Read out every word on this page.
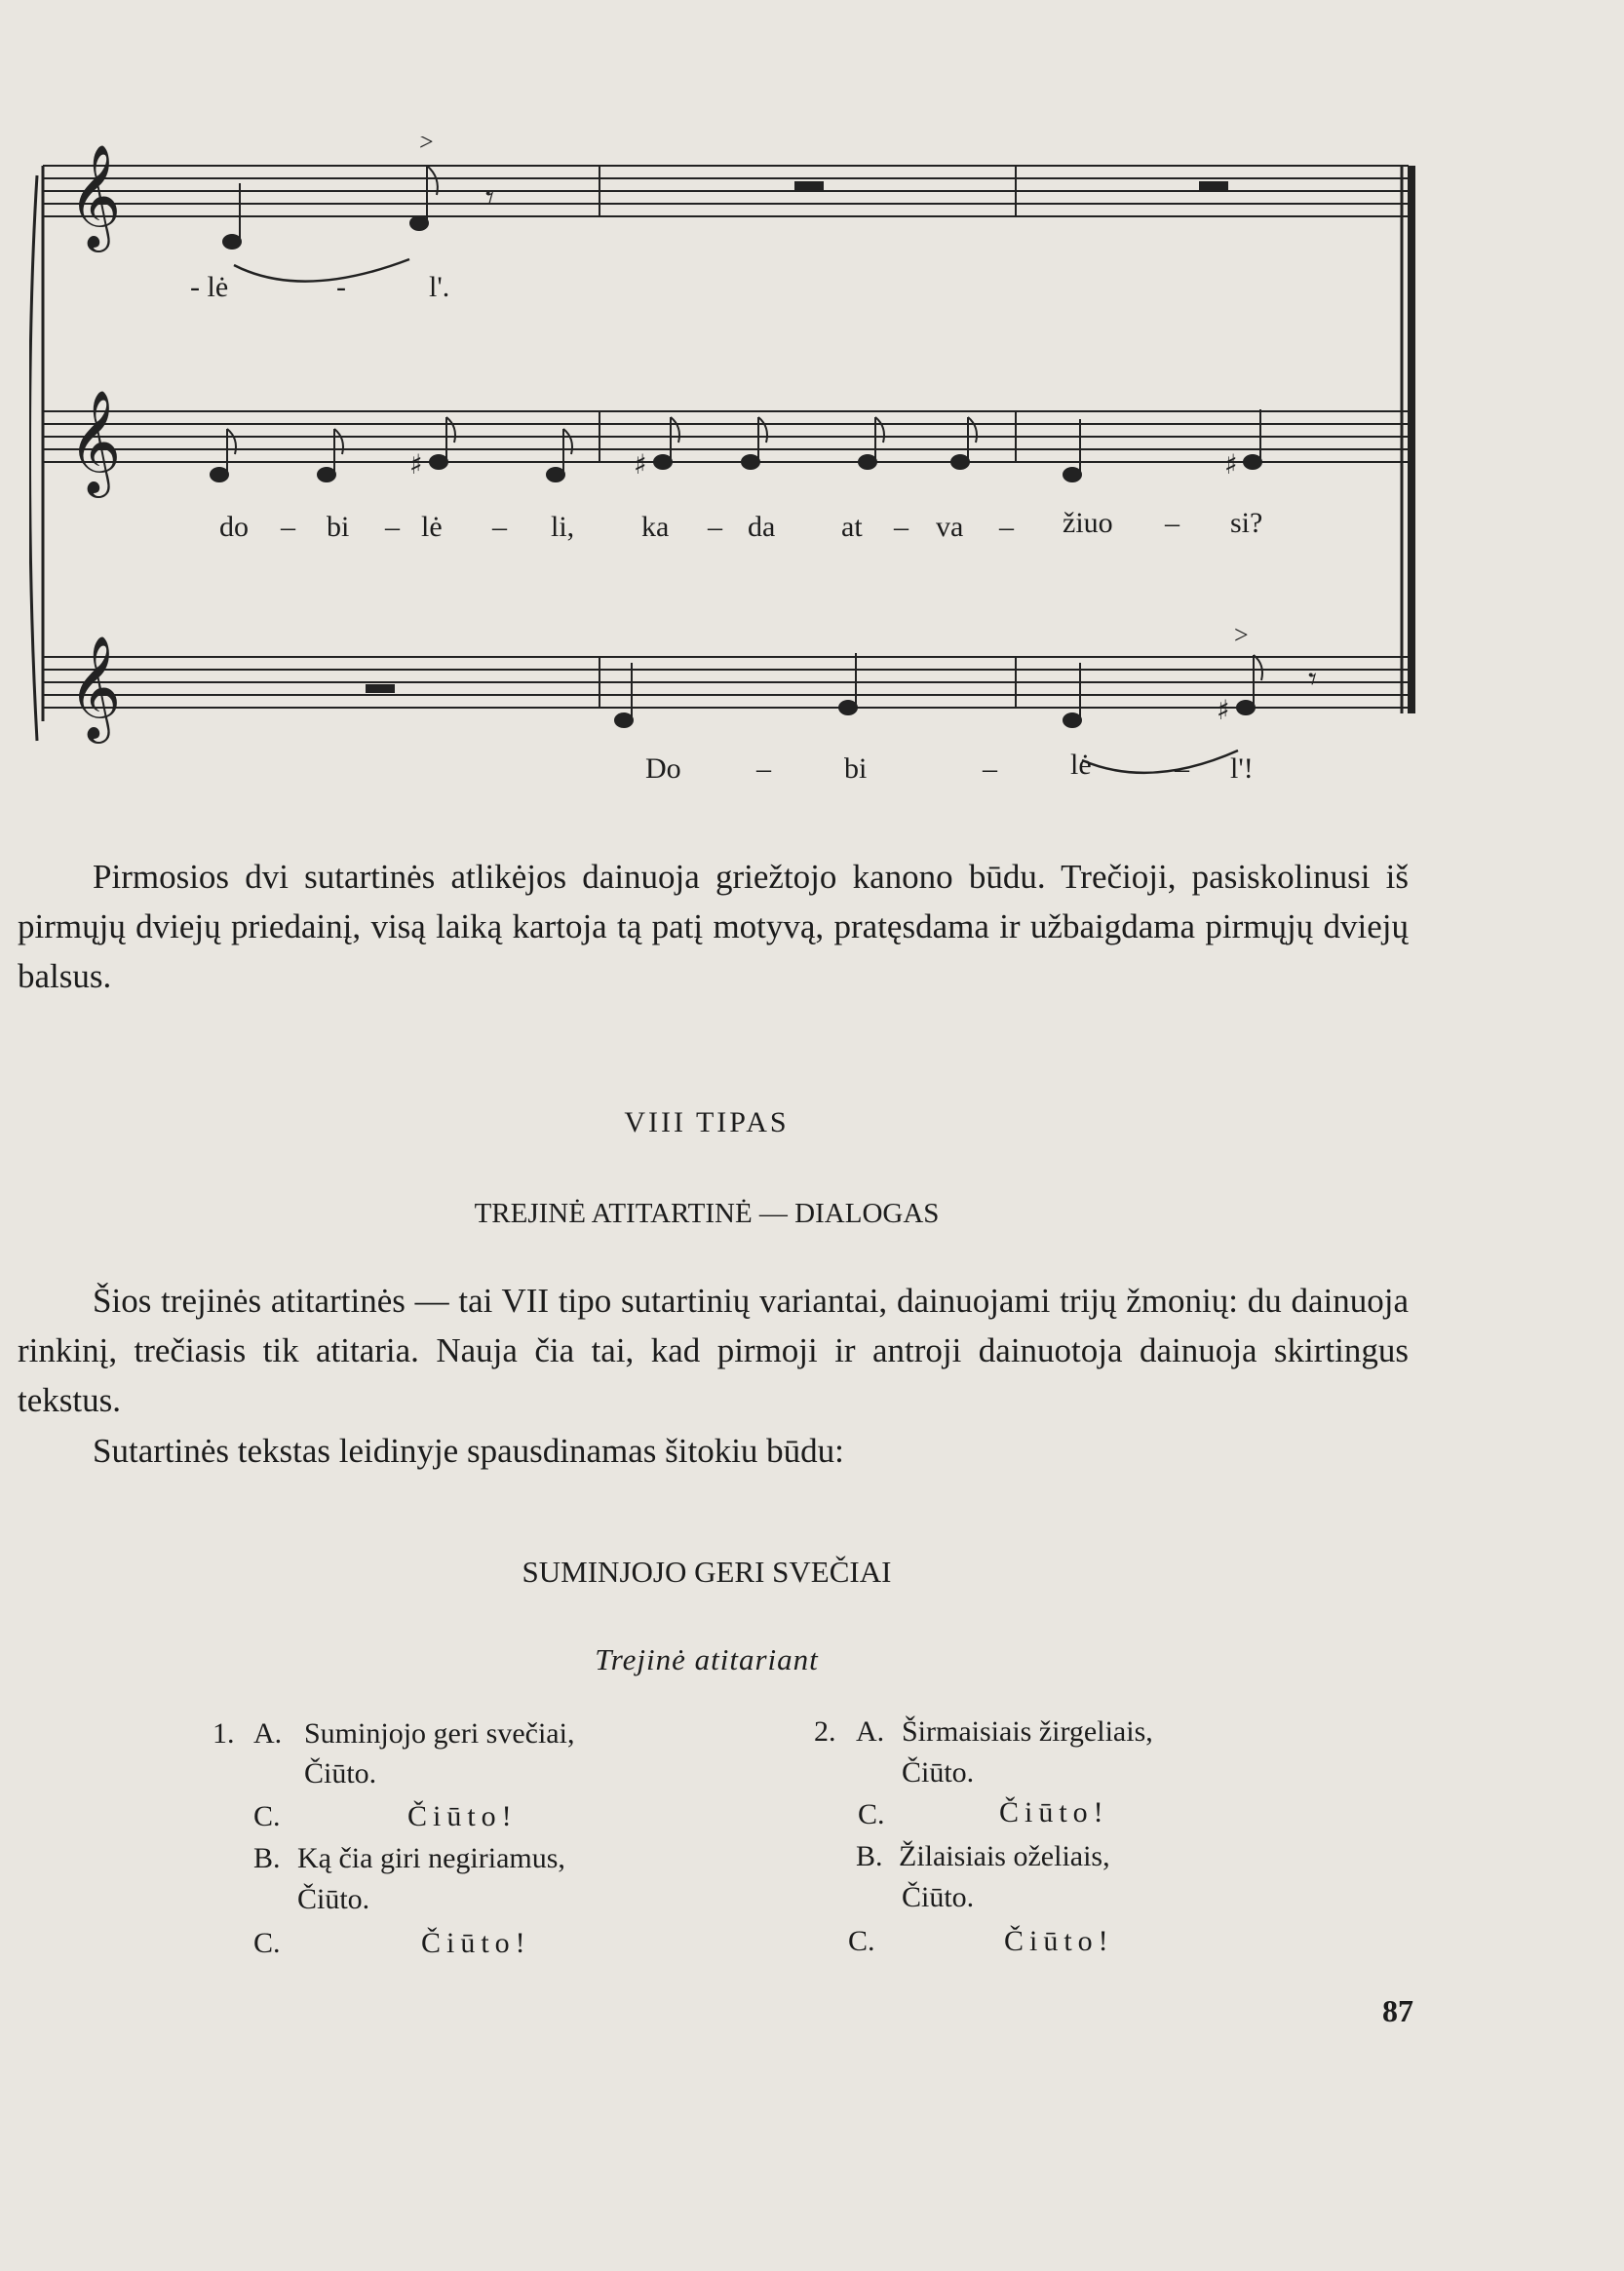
𝄞
𝄞
𝄞
>
𝄾
>
𝄾
♯	♯	♯
♯
- lė	-	l'.
do – bi – lė – li, ka – da at – va – žiuo – si?
Do	–	bi	–	lė	– l'!
Pirmosios dvi sutartinės atlikėjos dainuoja griežtojo kanono būdu. Trečioji, pasiskolinusi iš pirmųjų dviejų priedainį, visą laiką kartoja tą patį motyvą, pratęsdama ir užbaigdama pirmųjų dviejų balsus.
VIII TIPAS
TREJINĖ ATITARTINĖ — DIALOGAS
Šios trejinės atitartinės — tai VII tipo sutartinių variantai, dainuojami trijų žmonių: du dainuoja rinkinį, trečiasis tik atitaria. Nauja čia tai, kad pirmoji ir antroji dainuotoja dainuoja skirtingus tekstus.
Sutartinės tekstas leidinyje spausdinamas šitokiu būdu:
SUMINJOJO GERI SVEČIAI
Trejinė atitariant
1. A. Suminjojo geri svečiai,
Čiūto.
C.	Čiūto!
B. Ką čia giri negiriamus,
Čiūto.
C.	Čiūto!
2. A. Širmaisiais žirgeliais,
Čiūto.
C.	Čiūto!
B. Žilaisiais oželiais,
Čiūto.
C.	Čiūto!
87
